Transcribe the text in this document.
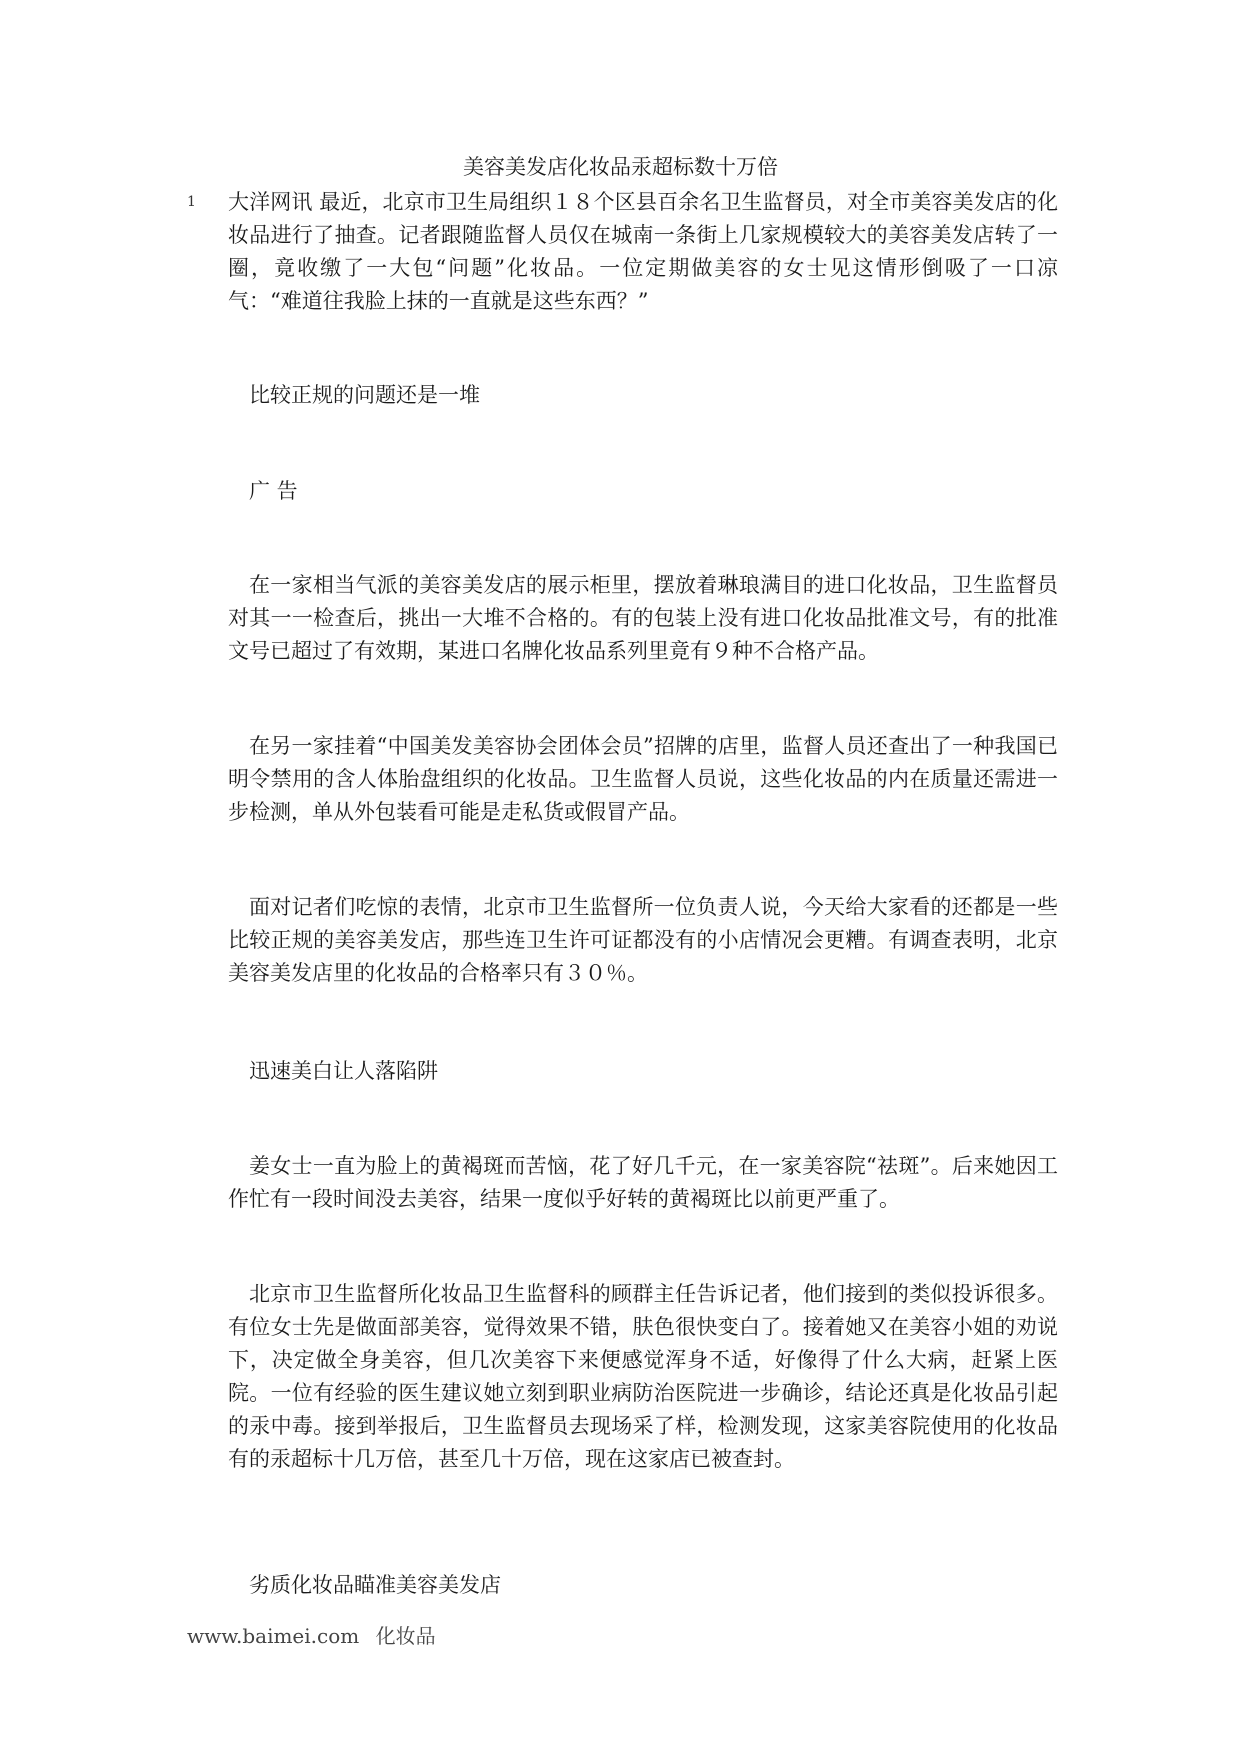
美容美发店化妆品汞超标数十万倍
1 大洋网讯 最近，北京市卫生局组织１８个区县百余名卫生监督员，对全市美容美发店的化妆品进行了抽查。记者跟随监督人员仅在城南一条街上几家规模较大的美容美发店转了一圈，竟收缴了一大包“问题”化妆品。一位定期做美容的女士见这情形倒吸了一口凉气：“难道往我脸上抹的一直就是这些东西？”

比较正规的问题还是一堆
广 告

在一家相当气派的美容美发店的展示柜里，摆放着琳琅满目的进口化妆品，卫生监督员对其一一检查后，挑出一大堆不合格的。有的包装上没有进口化妆品批准文号，有的批准文号已超过了有效期，某进口名牌化妆品系列里竟有９种不合格产品。

在另一家挂着“中国美发美容协会团体会员”招牌的店里，监督人员还查出了一种我国已明令禁用的含人体胎盘组织的化妆品。卫生监督人员说，这些化妆品的内在质量还需进一步检测，单从外包装看可能是走私货或假冒产品。

面对记者们吃惊的表情，北京市卫生监督所一位负责人说，今天给大家看的还都是一些比较正规的美容美发店，那些连卫生许可证都没有的小店情况会更糟。有调查表明，北京美容美发店里的化妆品的合格率只有３０％。

迅速美白让人落陷阱

姜女士一直为脸上的黄褐斑而苦恼，花了好几千元，在一家美容院“祛斑”。后来她因工作忙有一段时间没去美容，结果一度似乎好转的黄褐斑比以前更严重了。

北京市卫生监督所化妆品卫生监督科的顾群主任告诉记者，他们接到的类似投诉很多。有位女士先是做面部美容，觉得效果不错，肤色很快变白了。接着她又在美容小姐的劝说下，决定做全身美容，但几次美容下来便感觉浑身不适，好像得了什么大病，赶紧上医院。一位有经验的医生建议她立刻到职业病防治医院进一步确诊，结论还真是化妆品引起的汞中毒。接到举报后，卫生监督员去现场采了样，检测发现，这家美容院使用的化妆品有的汞超标十几万倍，甚至几十万倍，现在这家店已被查封。

劣质化妆品瞄准美容美发店
www.baimei.com 化妆品
